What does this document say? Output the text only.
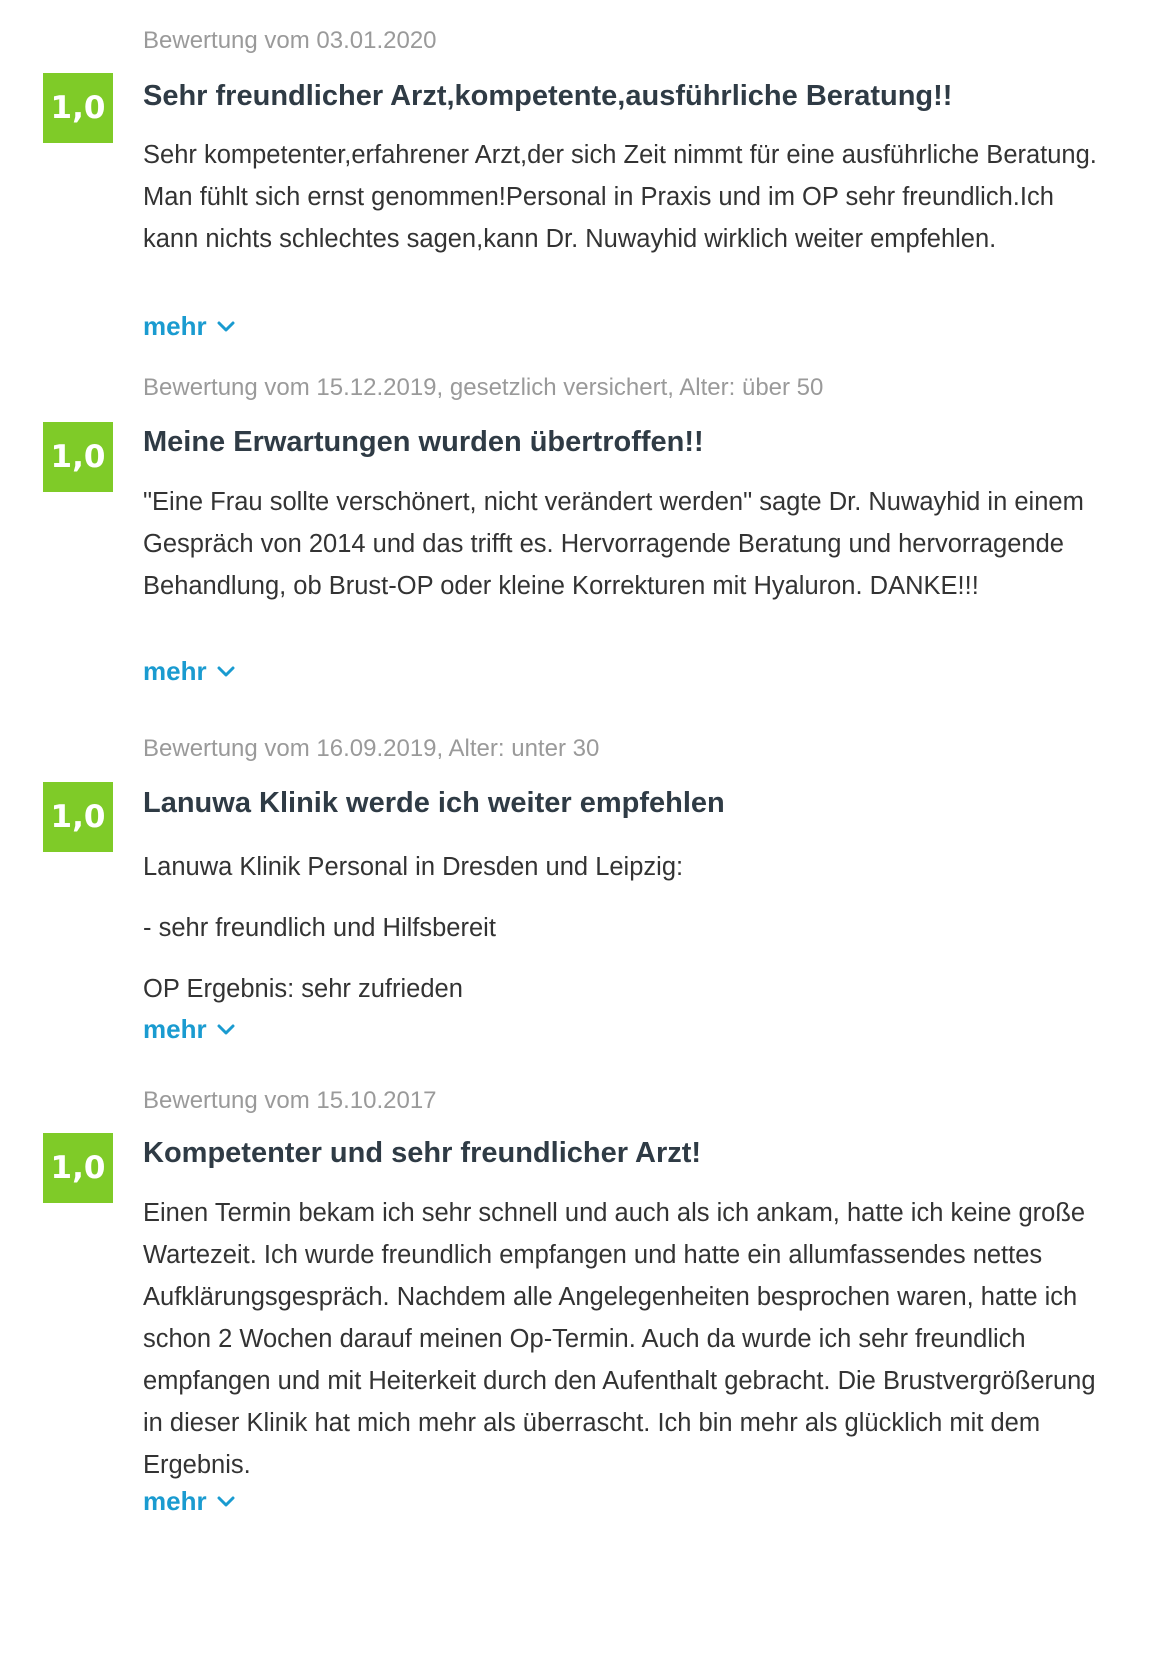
Bewertung vom 03.01.2020
1,0 Sehr freundlicher Arzt,kompetente,ausführliche Beratung!!

Sehr kompetenter,erfahrener Arzt,der sich Zeit nimmt für eine ausführliche Beratung. Man fühlt sich ernst genommen!Personal in Praxis und im OP sehr freundlich.Ich kann nichts schlechtes sagen,kann Dr. Nuwayhid wirklich weiter empfehlen.

mehr
Bewertung vom 15.12.2019, gesetzlich versichert, Alter: über 50
1,0 Meine Erwartungen wurden übertroffen!!

"Eine Frau sollte verschönert, nicht verändert werden" sagte Dr. Nuwayhid in einem Gespräch von 2014 und das trifft es. Hervorragende Beratung und hervorragende Behandlung, ob Brust-OP oder kleine Korrekturen mit Hyaluron. DANKE!!!

mehr
Bewertung vom 16.09.2019, Alter: unter 30
1,0 Lanuwa Klinik werde ich weiter empfehlen

Lanuwa Klinik Personal in Dresden und Leipzig:

- sehr freundlich und Hilfsbereit

OP Ergebnis: sehr zufrieden

mehr
Bewertung vom 15.10.2017
1,0 Kompetenter und sehr freundlicher Arzt!

Einen Termin bekam ich sehr schnell und auch als ich ankam, hatte ich keine große Wartezeit. Ich wurde freundlich empfangen und hatte ein allumfassendes nettes Aufklärungsgespräch. Nachdem alle Angelegenheiten besprochen waren, hatte ich schon 2 Wochen darauf meinen Op-Termin. Auch da wurde ich sehr freundlich empfangen und mit Heiterkeit durch den Aufenthalt gebracht. Die Brustvergrößerung in dieser Klinik hat mich mehr als überrascht. Ich bin mehr als glücklich mit dem Ergebnis.

mehr
